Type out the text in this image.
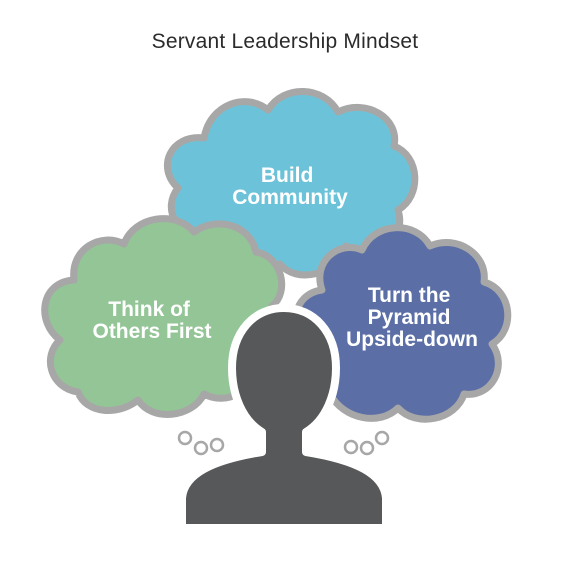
Servant Leadership Mindset
Build Community
Think of Others First
Turn the Pyramid Upside-down
